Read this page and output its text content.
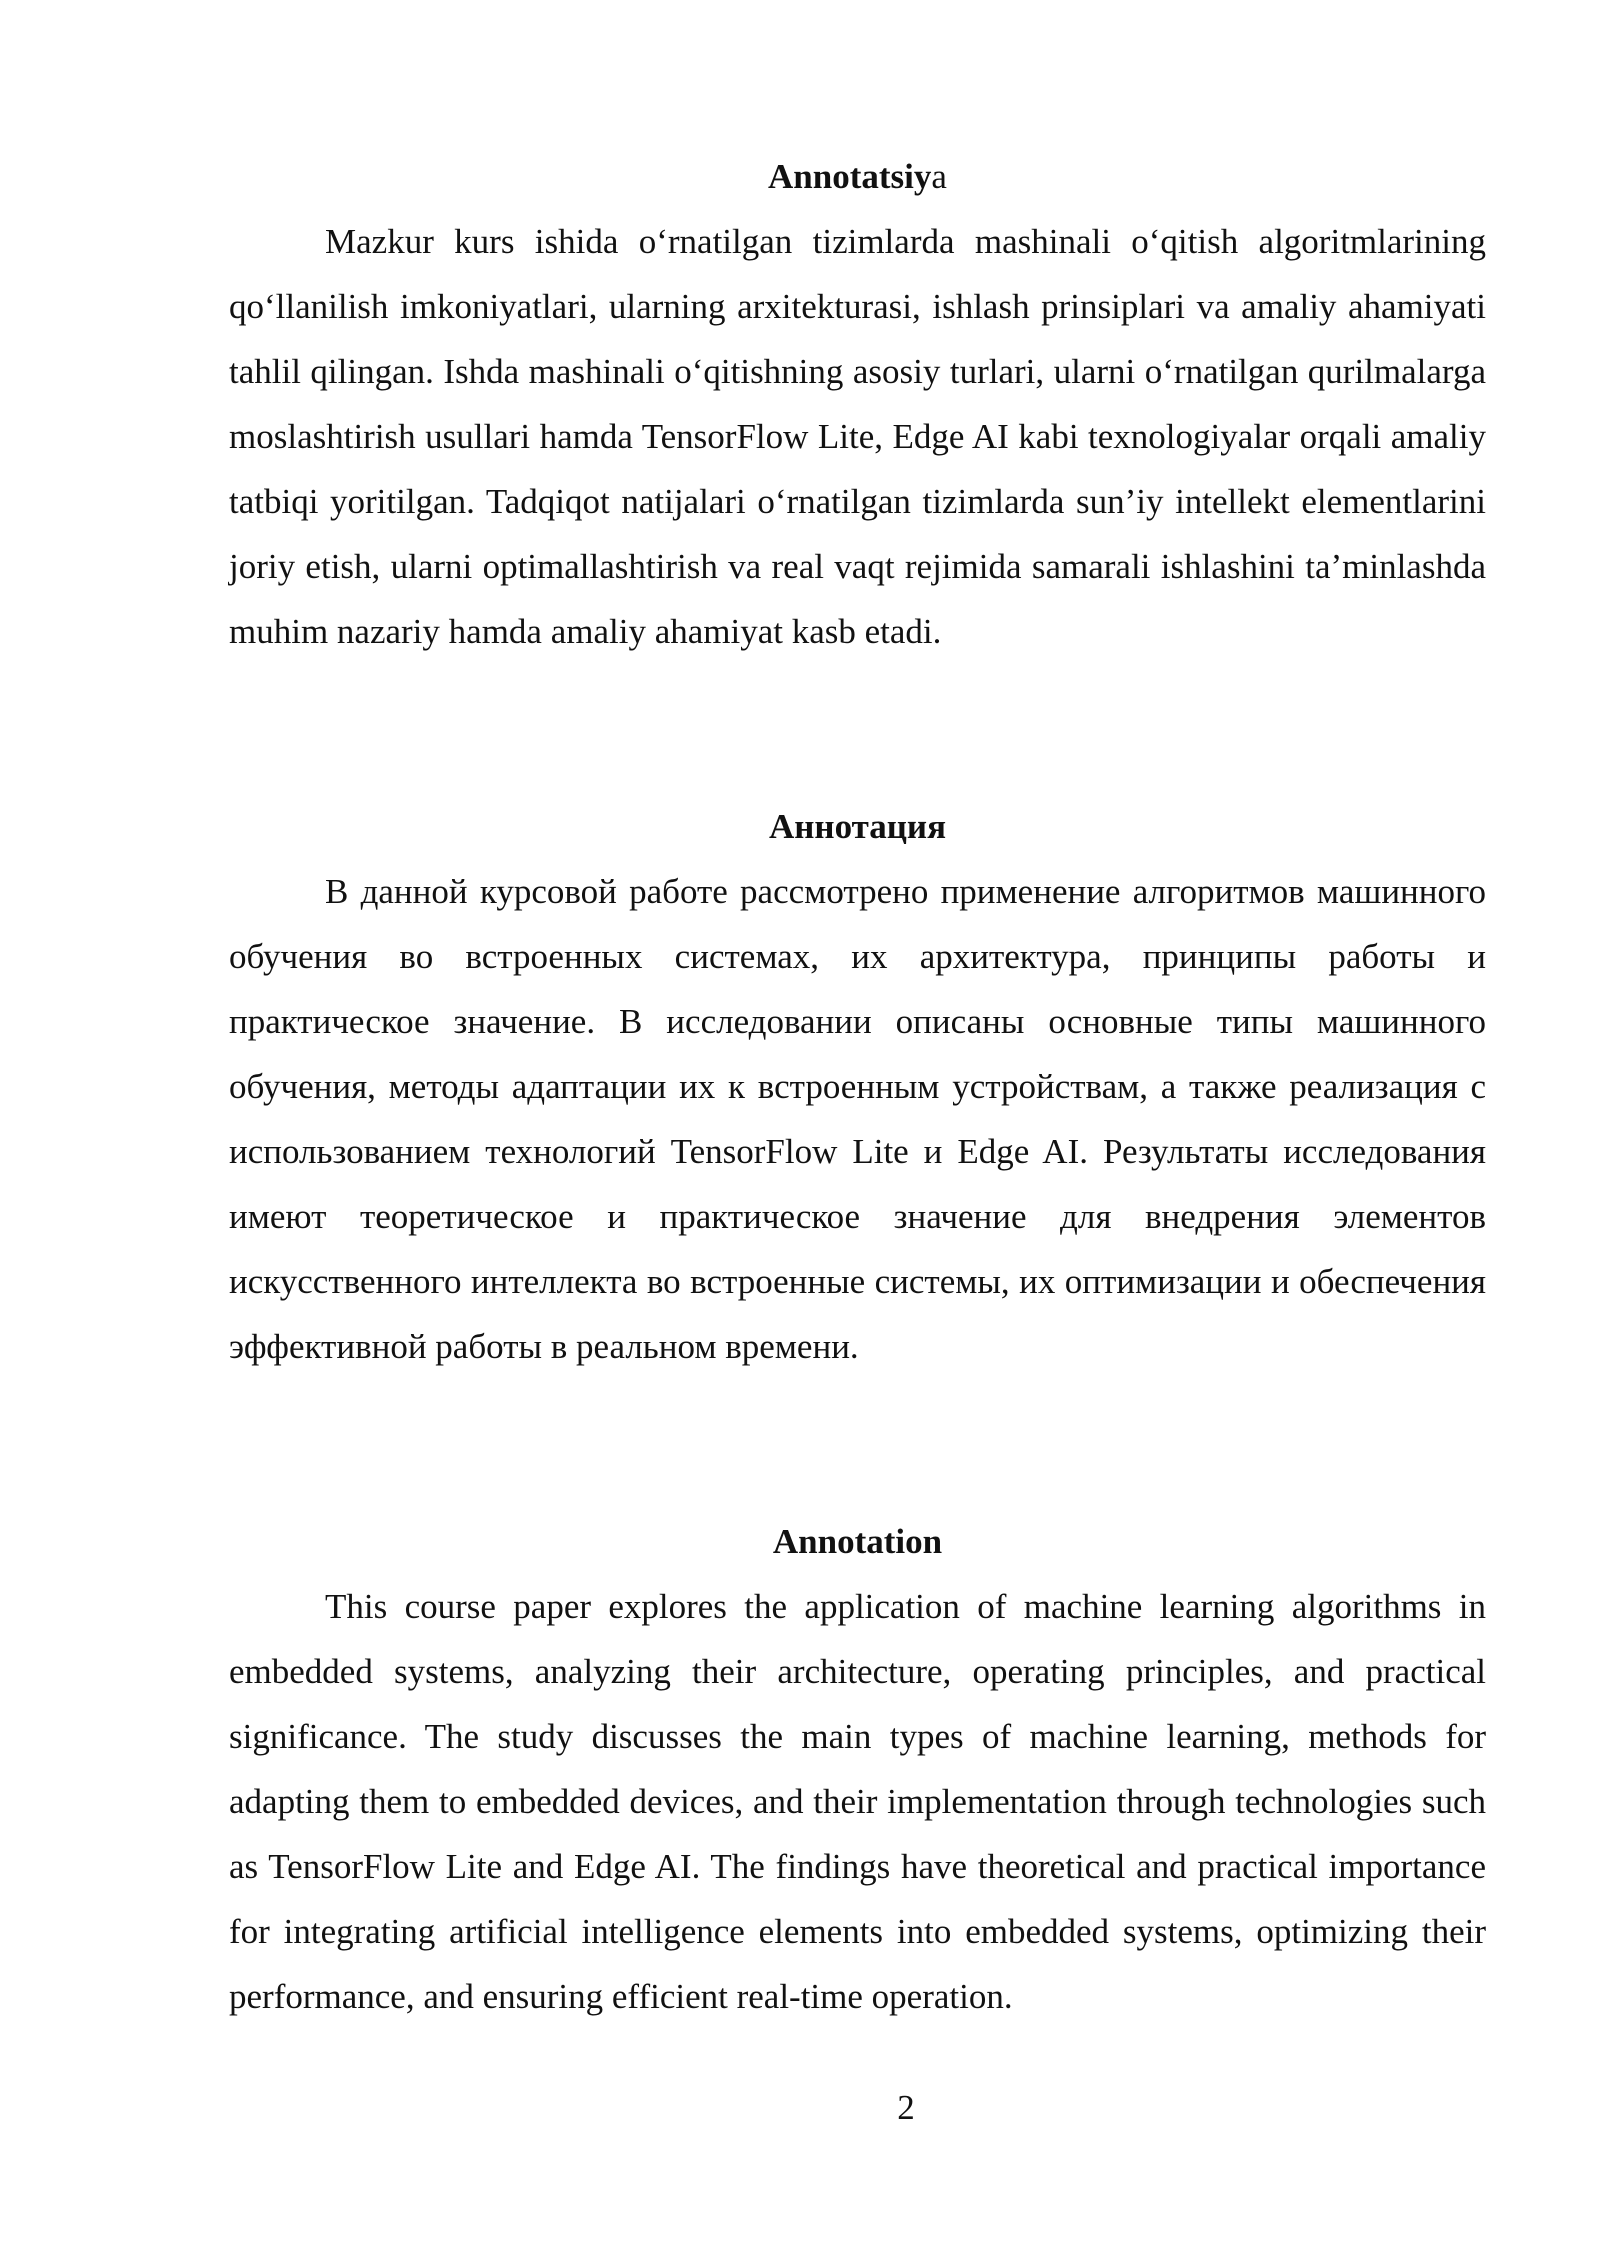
Annotatsiya

Mazkur kurs ishida o‘rnatilgan tizimlarda mashinali o‘qitish algoritmlarining qo‘llanilish imkoniyatlari, ularning arxitekturasi, ishlash prinsiplari va amaliy ahamiyati tahlil qilingan. Ishda mashinali o‘qitishning asosiy turlari, ularni o‘rnatilgan qurilmalarga moslashtirish usullari hamda TensorFlow Lite, Edge AI kabi texnologiyalar orqali amaliy tatbiqi yoritilgan. Tadqiqot natijalari o‘rnatilgan tizimlarda sun’iy intellekt elementlarini joriy etish, ularni optimallashtirish va real vaqt rejimida samarali ishlashini ta’minlashda muhim nazariy hamda amaliy ahamiyat kasb etadi.

Аннотация

В данной курсовой работе рассмотрено применение алгоритмов машинного обучения во встроенных системах, их архитектура, принципы работы и практическое значение. В исследовании описаны основные типы машинного обучения, методы адаптации их к встроенным устройствам, а также реализация с использованием технологий TensorFlow Lite и Edge AI. Результаты исследования имеют теоретическое и практическое значение для внедрения элементов искусственного интеллекта во встроенные системы, их оптимизации и обеспечения эффективной работы в реальном времени.

Annotation

This course paper explores the application of machine learning algorithms in embedded systems, analyzing their architecture, operating principles, and practical significance. The study discusses the main types of machine learning, methods for adapting them to embedded devices, and their implementation through technologies such as TensorFlow Lite and Edge AI. The findings have theoretical and practical importance for integrating artificial intelligence elements into embedded systems, optimizing their performance, and ensuring efficient real-time operation.

2
